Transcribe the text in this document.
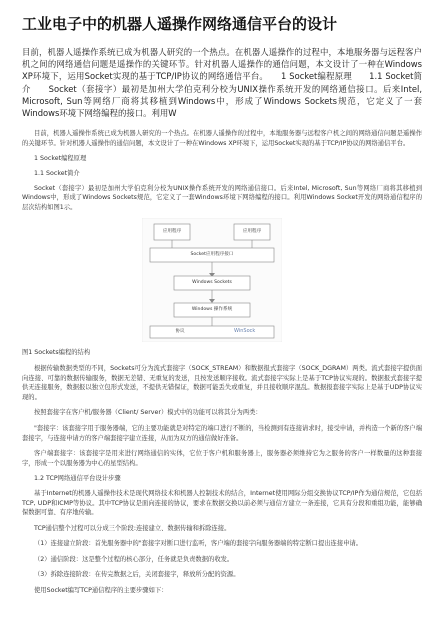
工业电子中的机器人遥操作网络通信平台的设计
目前，机器人遥操作系统已成为机器人研究的一个热点。在机器人遥操作的过程中，本地服务器与远程客户机之间的网络通信问题是遥操作的关键环节。针对机器人遥操作的通信问题，本文设计了一种在Windows XP环境下，运用Socket实现的基于TCP/IP协议的网络通信平台。　　1 Socket编程原理　　1.1 Socket简介　　Socket（套接字）最初是加州大学伯克利分校为UNIX操作系统开发的网络通信接口。后来Intel, Microsoft, Sun等网络厂商将其移植到Windows中，形成了Windows Sockets规范，它定义了一套Windows环境下网络编程的接口。利用W

目前，机器人遥操作系统已成为机器人研究的一个热点。在机器人遥操作的过程中，本地服务器与远程客户机之间的网络通信问题是遥操作的关键环节。针对机器人遥操作的通信问题，本文设计了一种在Windows XP环境下，运用Socket实现的基于TCP/IP协议的网络通信平台。

1 Socket编程原理

1.1 Socket简介

Socket（套接字）最初是加州大学伯克利分校为UNIX操作系统开发的网络通信接口。后来Intel, Microsoft, Sun等网络厂商将其移植到Windows中，形成了Windows Sockets规范，它定义了一套Windows环境下网络编程的接口。利用Windows Socket开发的网络通信程序的层次结构如图1示。

应用程序	应用程序
Socket应用程序接口
Windows Sockets
Windows 操作系统
协议	WinSock
图1 Sockets编程的结构

根据传输数据类型的不同，Sockets可分为流式套接字（SOCK_STREAM）和数据报式套接字（SOCK_DGRAM）两类。流式套接字提供面向连接、可靠的数据传输服务，数据无差错、无重复的发送，且按发送顺序接收。流式套接字实际上是基于TCP协议实现的。数据报式套接字提供无连接服务，数据报以独立包形式发送，不提供无错保证，数据可能丢失或重复，并且接收顺序混乱。数据报套接字实际上是基于UDP协议实现的。

按照套接字在客户机/服务器（Client/ Server）模式中的功能可以将其分为两类：

"套接字：该套接字用于服务器端，它的主要功能就是对特定的端口进行不断的，当检测到有连接请求时，接受申请，并构造一个新的客户端套接字，与连接申请方的客户端套接字建立连接，从而为双方的通信做好准备。

客户端套接字：该套接字是用来进行网络通信的实体，它位于客户机和服务器上，服务器必须维持它为之服务的客户一样数量的这种套接字，形成一个以服务器为中心的星型结构。

1.2 TCP网络通信平台设计步骤

基于Internet的机器人遥操作技术是现代网络技术和机器人控制技术的结合，Internet使用网际分组交换协议TCP/IP作为通信规范，它包括 TCP, UDP和ICMP等协议。其中TCP协议是面向连接的协议，要求在数据交换以前必须与通信方建立一条连接，它具有分段和重组功能，能够确保数据可靠、有序地传输。

TCP通信整个过程可以分成三个阶段:连接建立、数据传输和拆除连接。

（1）连接建立阶段：首先服务器中的"套接字对断口进行监听，客户端的套接字向服务器端的特定断口提出连接申请。

（2）通信阶段：这是整个过程的核心部分，任务就是负责数据的收发。

（3）拆除连接阶段：在传完数据之后，关闭套接字，释放所分配的资源。

使用Socket编写TCP通信程序的主要步骤如下：
